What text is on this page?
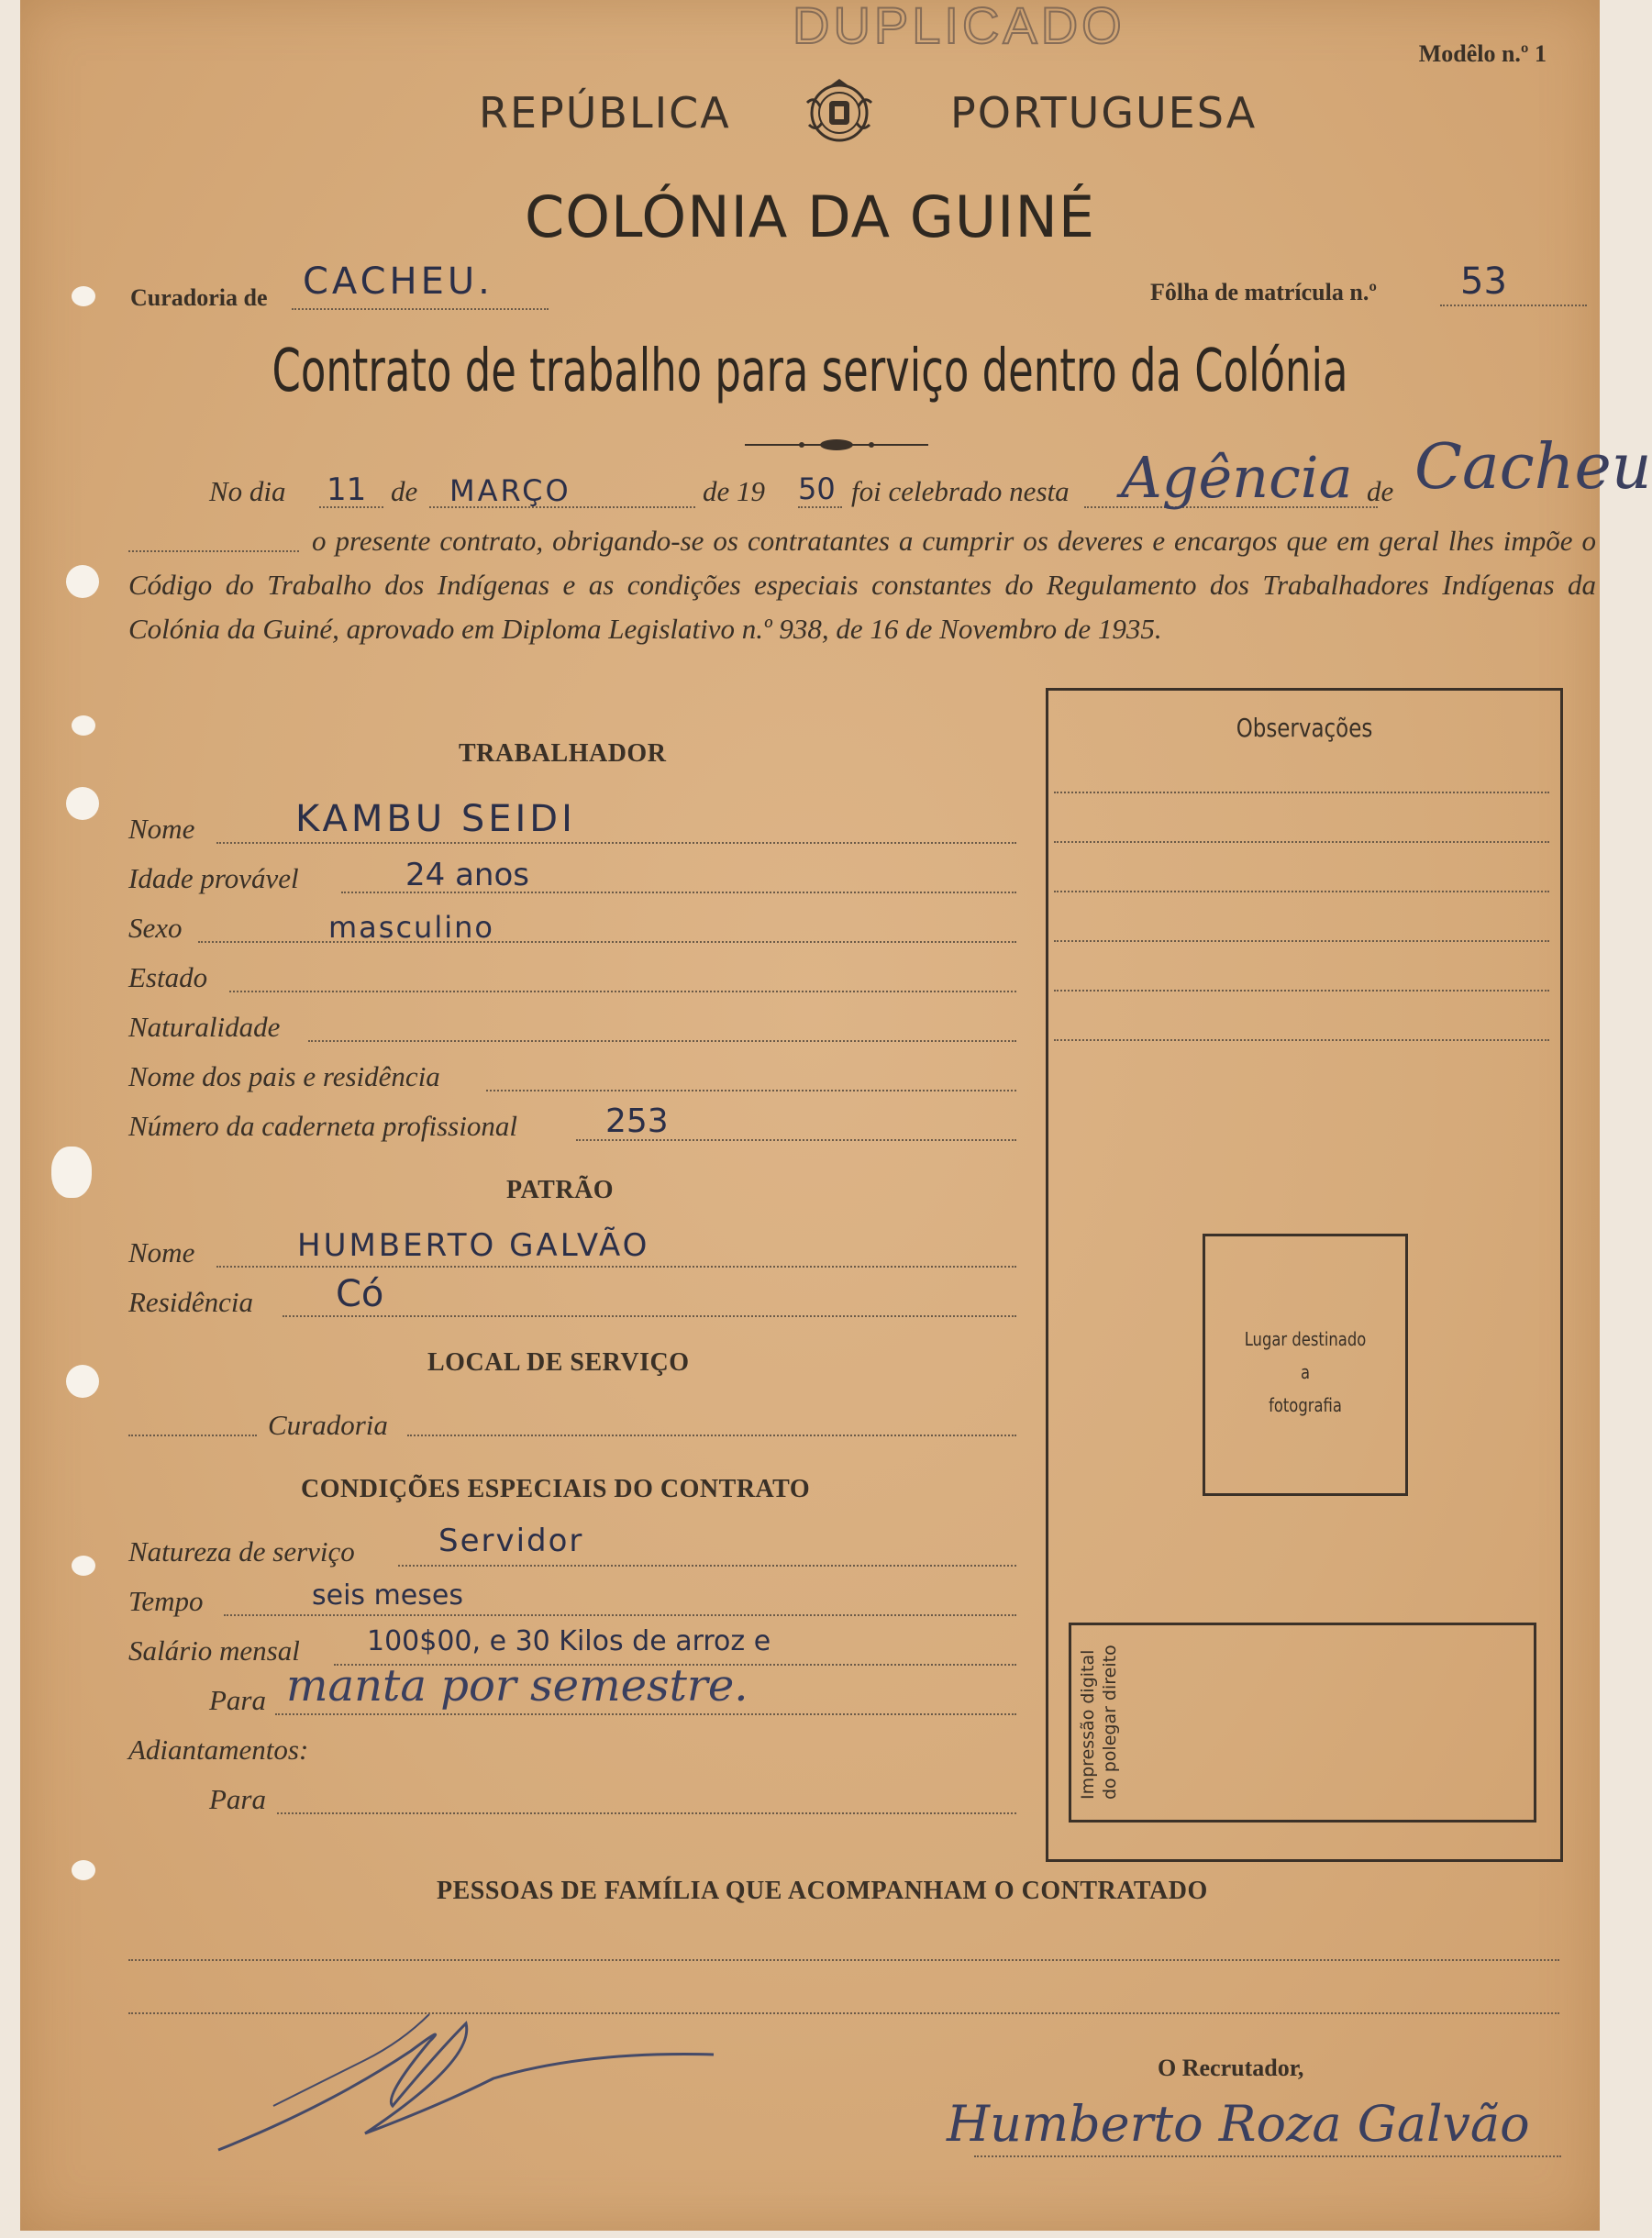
DUPLICADO	Modêlo n.º 1
REPÚBLICA	PORTUGUESA
COLÓNIA DA GUINÉ
Curadoria de CACHEU.	Fôlha de matrícula n.º 53
Contrato de trabalho para serviço dentro da Colónia
No dia 11 de MARÇO	de 19 50 foi celebrado nesta Agência de Cacheu
o presente contrato, obrigando-se os contratantes a cumprir os deveres e encargos que em geral lhes impõe o Código do Trabalho dos Indígenas e as condições especiais constantes do Regulamento dos Trabalhadores Indígenas da Colónia da Guiné, aprovado em Diploma Legislativo n.º 938, de 16 de Novembro de 1935.
TRABALHADOR
Nome	KAMBU SEIDI
Idade provável	24 anos
Sexo	masculino
Estado
Naturalidade
Nome dos pais e residência
Número da caderneta profissional	253
PATRÃO
Nome	HUMBERTO GALVÃO
Residência Có
LOCAL DE SERVIÇO
Curadoria
CONDIÇÕES ESPECIAIS DO CONTRATO
Natureza de serviço	Servidor
Tempo	seis meses
Salário mensal 100$00, e 30 Kilos de arroz e
Para manta por semestre.
Adiantamentos:
Para
Observações
Lugar destinado
a
fotografia
Impressão digital do polegar direito
PESSOAS DE FAMÍLIA QUE ACOMPANHAM O CONTRATADO
O Recrutador,
Humberto Roza Galvão
